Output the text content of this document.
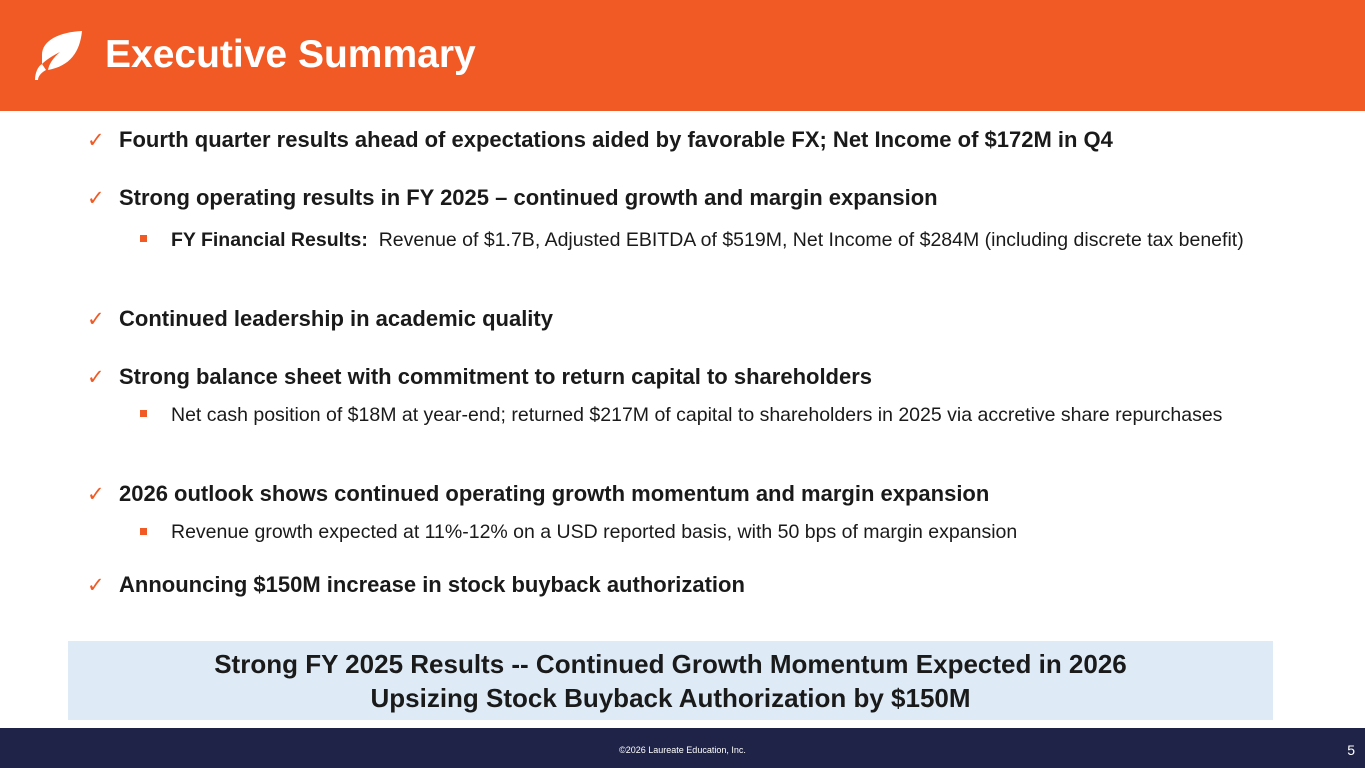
Executive Summary
✓ Fourth quarter results ahead of expectations aided by favorable FX; Net Income of $172M in Q4
✓ Strong operating results in FY 2025 – continued growth and margin expansion
FY Financial Results: Revenue of $1.7B, Adjusted EBITDA of $519M, Net Income of $284M (including discrete tax benefit)
✓ Continued leadership in academic quality
✓ Strong balance sheet with commitment to return capital to shareholders
Net cash position of $18M at year-end; returned $217M of capital to shareholders in 2025 via accretive share repurchases
✓ 2026 outlook shows continued operating growth momentum and margin expansion
Revenue growth expected at 11%-12% on a USD reported basis, with 50 bps of margin expansion
✓ Announcing $150M increase in stock buyback authorization
Strong FY 2025 Results -- Continued Growth Momentum Expected in 2026
Upsizing Stock Buyback Authorization by $150M
©2026 Laureate Education, Inc.	5
